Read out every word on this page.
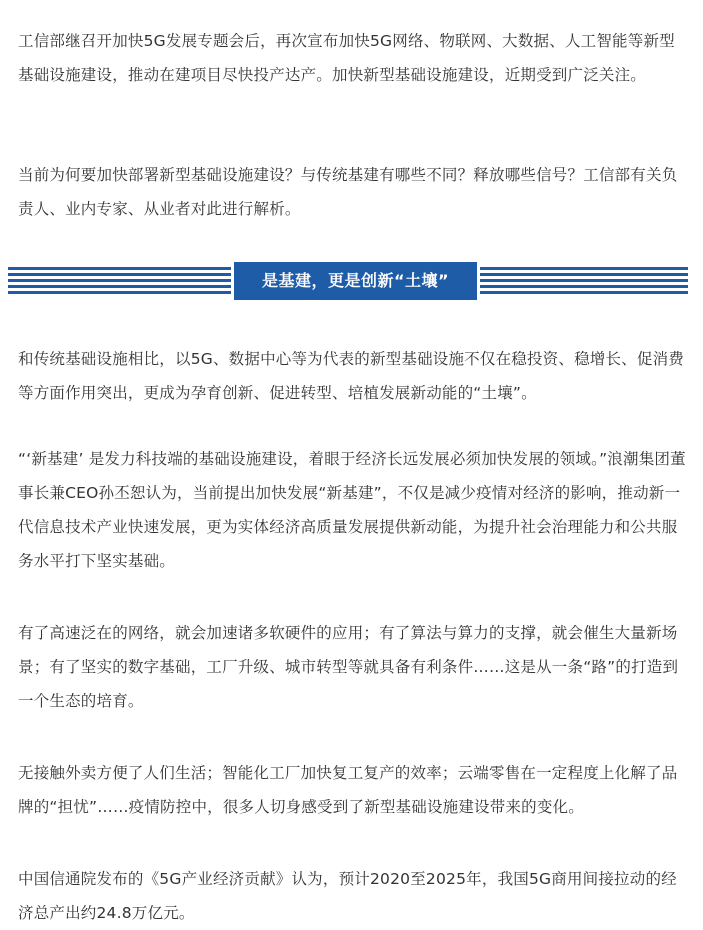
工信部继召开加快5G发展专题会后，再次宣布加快5G网络、物联网、大数据、人工智能等新型基础设施建设，推动在建项目尽快投产达产。加快新型基础设施建设，近期受到广泛关注。

当前为何要加快部署新型基础设施建设？与传统基建有哪些不同？释放哪些信号？工信部有关负责人、业内专家、从业者对此进行解析。

是基建，更是创新“土壤”

和传统基础设施相比，以5G、数据中心等为代表的新型基础设施不仅在稳投资、稳增长、促消费等方面作用突出，更成为孕育创新、促进转型、培植发展新动能的“土壤”。

“‘新基建’ 是发力科技端的基础设施建设，着眼于经济长远发展必须加快发展的领域。”浪潮集团董事长兼CEO孙丕恕认为，当前提出加快发展“新基建”，不仅是减少疫情对经济的影响，推动新一代信息技术产业快速发展，更为实体经济高质量发展提供新动能，为提升社会治理能力和公共服务水平打下坚实基础。

有了高速泛在的网络，就会加速诸多软硬件的应用；有了算法与算力的支撑，就会催生大量新场景；有了坚实的数字基础，工厂升级、城市转型等就具备有利条件……这是从一条“路”的打造到一个生态的培育。

无接触外卖方便了人们生活；智能化工厂加快复工复产的效率；云端零售在一定程度上化解了品牌的“担忧”……疫情防控中，很多人切身感受到了新型基础设施建设带来的变化。

中国信通院发布的《5G产业经济贡献》认为，预计2020至2025年，我国5G商用间接拉动的经济总产出约24.8万亿元。
